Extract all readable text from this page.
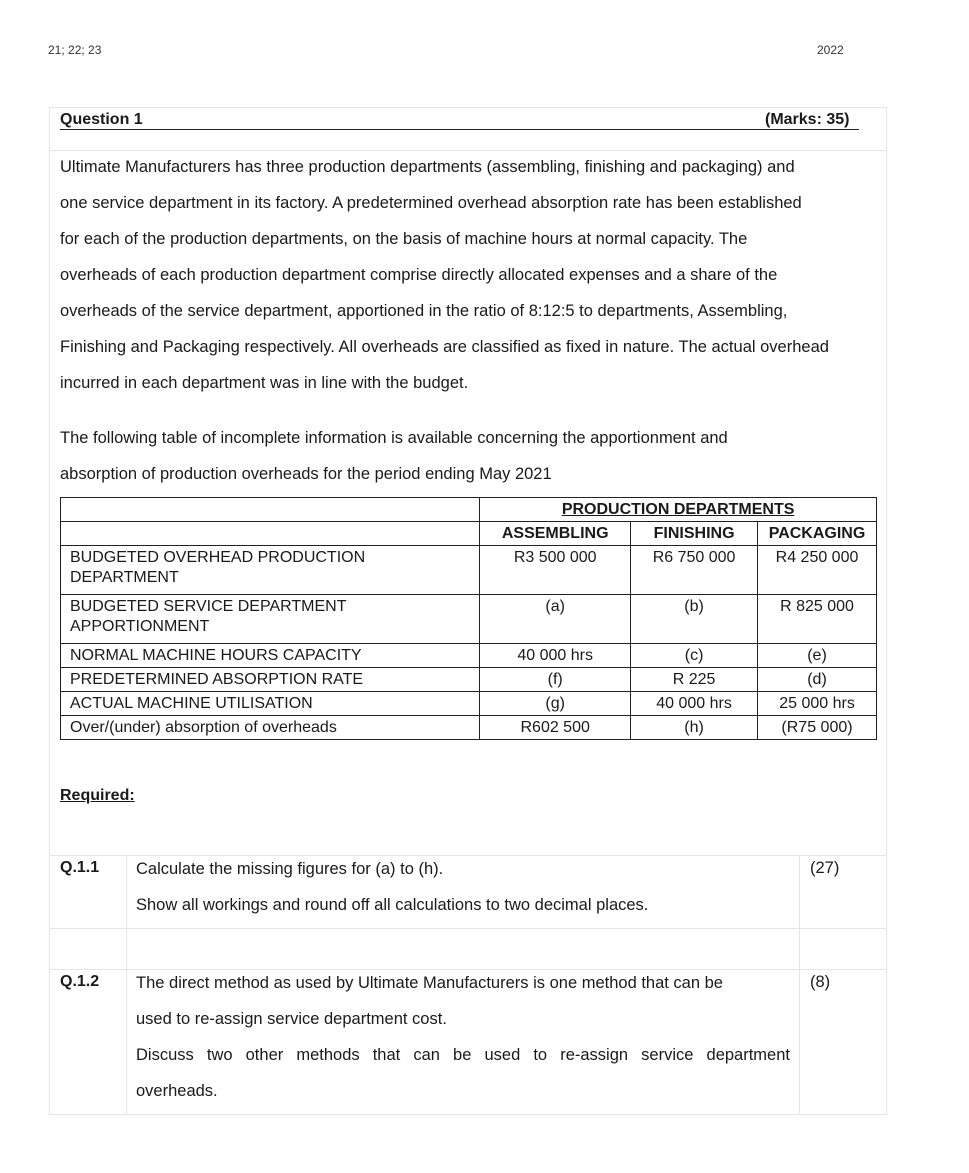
21; 22; 23	2022
Question 1	(Marks: 35)
Ultimate Manufacturers has three production departments (assembling, finishing and packaging) and
one service department in its factory. A predetermined overhead absorption rate has been established
for each of the production departments, on the basis of machine hours at normal capacity. The
overheads of each production department comprise directly allocated expenses and a share of the
overheads of the service department, apportioned in the ratio of 8:12:5 to departments, Assembling,
Finishing and Packaging respectively. All overheads are classified as fixed in nature. The actual overhead
incurred in each department was in line with the budget.
The following table of incomplete information is available concerning the apportionment and
absorption of production overheads for the period ending May 2021
	PRODUCTION DEPARTMENTS		
	ASSEMBLING	FINISHING	PACKAGING
BUDGETED OVERHEAD PRODUCTION DEPARTMENT	R3 500 000	R6 750 000	R4 250 000
BUDGETED SERVICE DEPARTMENT APPORTIONMENT	(a)	(b)	R 825 000
NORMAL MACHINE HOURS CAPACITY	40 000 hrs	(c)	(e)
PREDETERMINED ABSORPTION RATE	(f)	R 225	(d)
ACTUAL MACHINE UTILISATION	(g)	40 000 hrs	25 000 hrs
Over/(under) absorption of overheads	R602 500	(h)	(R75 000)
Required:
Q.1.1 Calculate the missing figures for (a) to (h).
Show all workings and round off all calculations to two decimal places.
(27)
Q.1.2 The direct method as used by Ultimate Manufacturers is one method that can be
used to re-assign service department cost.
Discuss two other methods that can be used to re-assign service department
overheads.
(8)
